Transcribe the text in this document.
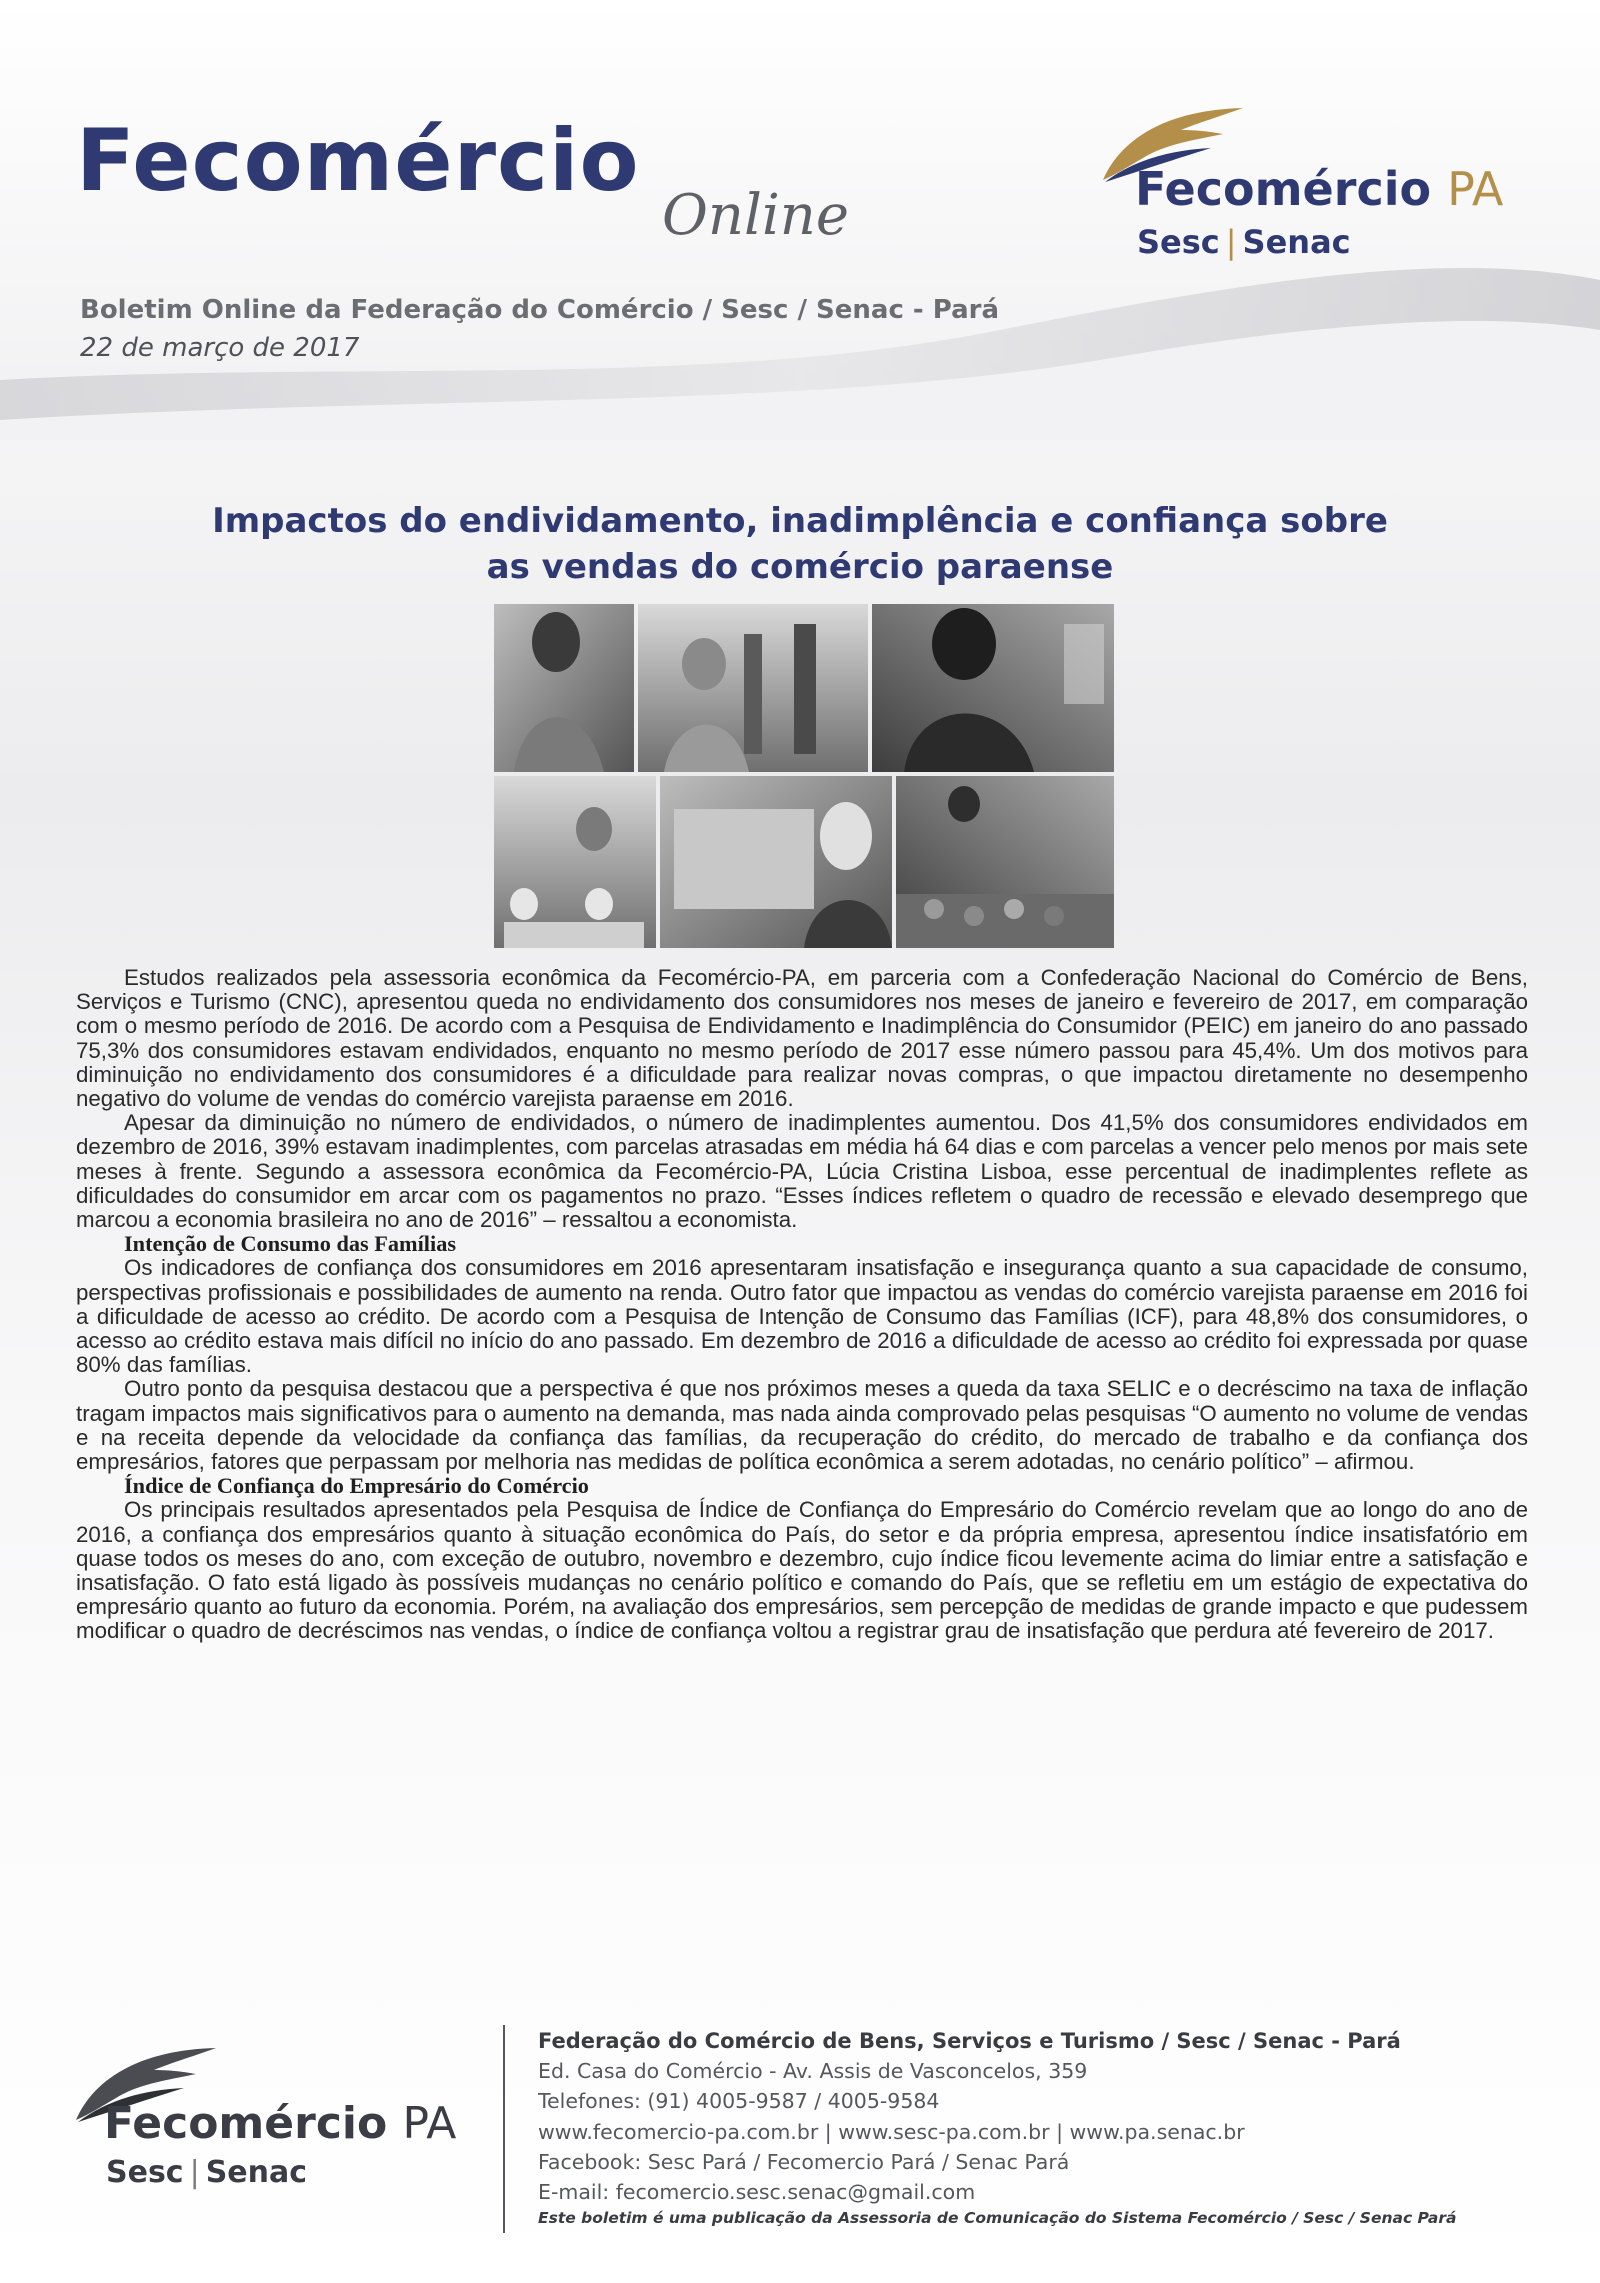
Fecomércio
Online
Boletim Online da Federação do Comércio / Sesc / Senac - Pará
22 de março de 2017
Fecomércio PA
Sesc | Senac
Impactos do endividamento, inadimplência e confiança sobre
as vendas do comércio paraense

Estudos realizados pela assessoria econômica da Fecomércio-PA, em parceria com a Confederação Nacional do Comércio de Bens, Serviços e Turismo (CNC), apresentou queda no endividamento dos consumidores nos meses de janeiro e fevereiro de 2017, em comparação com o mesmo período de 2016. De acordo com a Pesquisa de Endividamento e Inadimplência do Consumidor (PEIC) em janeiro do ano passado 75,3% dos consumidores estavam endividados, enquanto no mesmo período de 2017 esse número passou para 45,4%. Um dos motivos para diminuição no endividamento dos consumidores é a dificuldade para realizar novas compras, o que impactou diretamente no desempenho negativo do volume de vendas do comércio varejista paraense em 2016.

Apesar da diminuição no número de endividados, o número de inadimplentes aumentou. Dos 41,5% dos consumidores endividados em dezembro de 2016, 39% estavam inadimplentes, com parcelas atrasadas em média há 64 dias e com parcelas a vencer pelo menos por mais sete meses à frente. Segundo a assessora econômica da Fecomércio-PA, Lúcia Cristina Lisboa, esse percentual de inadimplentes reflete as dificuldades do consumidor em arcar com os pagamentos no prazo. “Esses índices refletem o quadro de recessão e elevado desemprego que marcou a economia brasileira no ano de 2016” – ressaltou a economista.

Intenção de Consumo das Famílias

Os indicadores de confiança dos consumidores em 2016 apresentaram insatisfação e insegurança quanto a sua capacidade de consumo, perspectivas profissionais e possibilidades de aumento na renda. Outro fator que impactou as vendas do comércio varejista paraense em 2016 foi a dificuldade de acesso ao crédito. De acordo com a Pesquisa de Intenção de Consumo das Famílias (ICF), para 48,8% dos consumidores, o acesso ao crédito estava mais difícil no início do ano passado. Em dezembro de 2016 a dificuldade de acesso ao crédito foi expressada por quase 80% das famílias.

Outro ponto da pesquisa destacou que a perspectiva é que nos próximos meses a queda da taxa SELIC e o decréscimo na taxa de inflação tragam impactos mais significativos para o aumento na demanda, mas nada ainda comprovado pelas pesquisas “O aumento no volume de vendas e na receita depende da velocidade da confiança das famílias, da recuperação do crédito, do mercado de trabalho e da confiança dos empresários, fatores que perpassam por melhoria nas medidas de política econômica a serem adotadas, no cenário político” – afirmou.

Índice de Confiança do Empresário do Comércio

Os principais resultados apresentados pela Pesquisa de Índice de Confiança do Empresário do Comércio revelam que ao longo do ano de 2016, a confiança dos empresários quanto à situação econômica do País, do setor e da própria empresa, apresentou índice insatisfatório em quase todos os meses do ano, com exceção de outubro, novembro e dezembro, cujo índice ficou levemente acima do limiar entre a satisfação e insatisfação. O fato está ligado às possíveis mudanças no cenário político e comando do País, que se refletiu em um estágio de expectativa do empresário quanto ao futuro da economia. Porém, na avaliação dos empresários, sem percepção de medidas de grande impacto e que pudessem modificar o quadro de decréscimos nas vendas, o índice de confiança voltou a registrar grau de insatisfação que perdura até fevereiro de 2017.

Fecomércio PA
Sesc | Senac
Federação do Comércio de Bens, Serviços e Turismo / Sesc / Senac - Pará
Ed. Casa do Comércio - Av. Assis de Vasconcelos, 359
Telefones: (91) 4005-9587 / 4005-9584
www.fecomercio-pa.com.br | www.sesc-pa.com.br | www.pa.senac.br
Facebook: Sesc Pará / Fecomercio Pará / Senac Pará
E-mail: fecomercio.sesc.senac@gmail.com
Este boletim é uma publicação da Assessoria de Comunicação do Sistema Fecomércio / Sesc / Senac Pará
